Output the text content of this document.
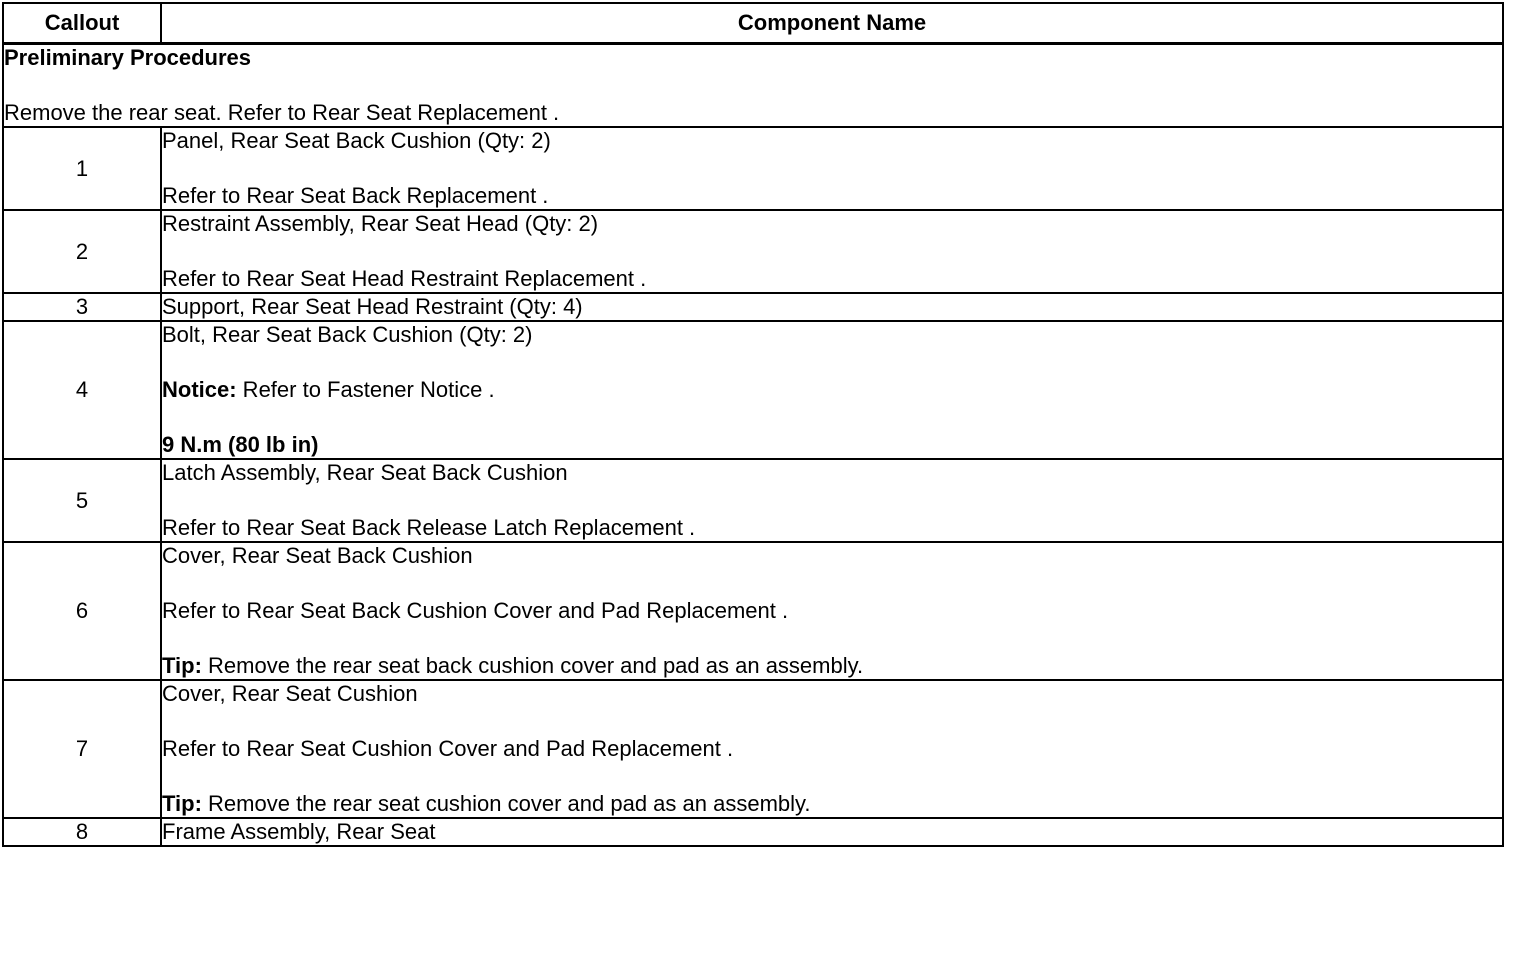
Callout	Component Name

Preliminary Procedures
Remove the rear seat. Refer to Rear Seat Replacement .	

1	Panel, Rear Seat Back Cushion (Qty: 2)
Refer to Rear Seat Back Replacement .

2	Restraint Assembly, Rear Seat Head (Qty: 2)
Refer to Rear Seat Head Restraint Replacement .

3	Support, Rear Seat Head Restraint (Qty: 4)

4	Bolt, Rear Seat Back Cushion (Qty: 2)
Notice: Refer to Fastener Notice .
9 N.m (80 lb in)

5	Latch Assembly, Rear Seat Back Cushion
Refer to Rear Seat Back Release Latch Replacement .

6	Cover, Rear Seat Back Cushion
Refer to Rear Seat Back Cushion Cover and Pad Replacement .
Tip: Remove the rear seat back cushion cover and pad as an assembly.

7	Cover, Rear Seat Cushion
Refer to Rear Seat Cushion Cover and Pad Replacement .
Tip: Remove the rear seat cushion cover and pad as an assembly.

8	Frame Assembly, Rear Seat
